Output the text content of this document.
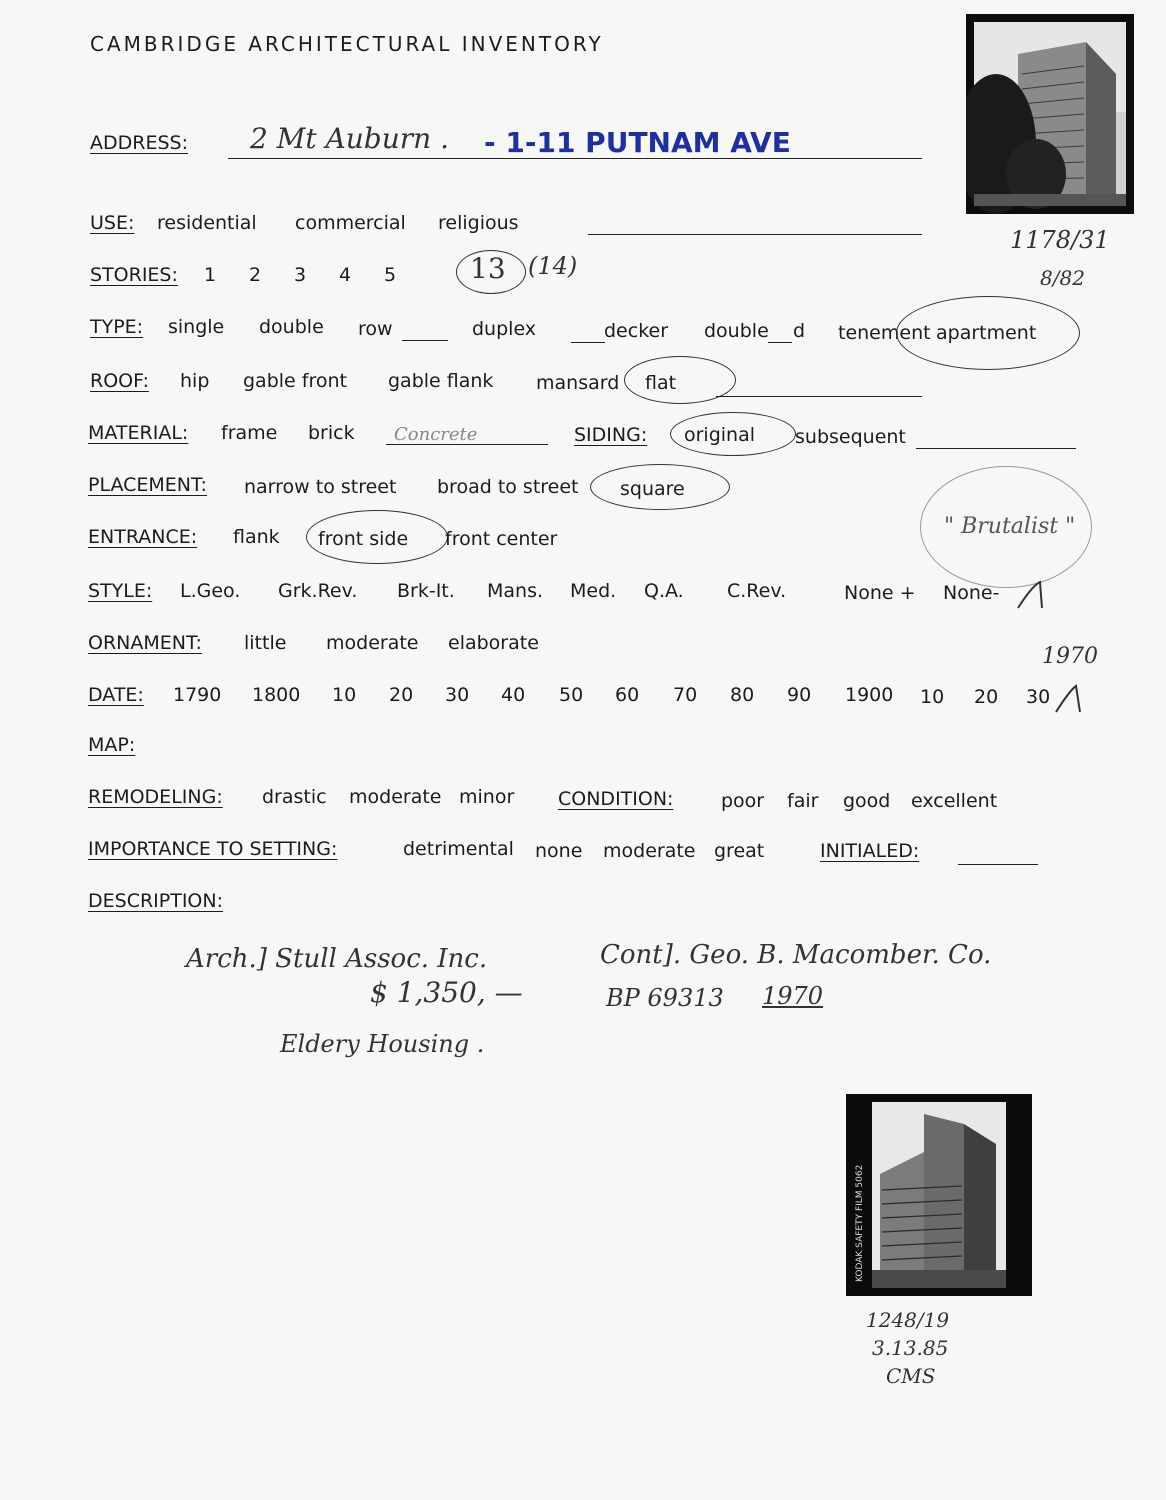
CAMBRIDGE ARCHITECTURAL INVENTORY
1178/31
8/82
ADDRESS: 2 Mt Auburn . - 1-11 PUTNAM AVE
USE: residential commercial religious
STORIES: 1 2 3 4 5	13 (14)
TYPE: single double row	duplex	decker double d tenement apartment
ROOF: hip gable front gable flank mansard flat
MATERIAL: frame brick Concrete	SIDING: original subsequent
PLACEMENT: narrow to street broad to street square
ENTRANCE: flank front side front center	" Brutalist "
STYLE: L.Geo. Grk.Rev. Brk-It. Mans. Med. Q.A. C.Rev.	None + None-
ORNAMENT: little moderate elaborate
1970
DATE: 1790 1800 10 20 30 40 50 60 70 80 90 1900 10 20 30
MAP:
REMODELING: drastic moderate minor CONDITION:	poor fair good excellent
IMPORTANCE TO SETTING:	detrimental none moderate great	INITIALED:
DESCRIPTION:
Arch.] Stull Assoc. Inc.	Cont]. Geo. B. Macomber. Co.
$ 1,350, —	BP 69313 1970
Eldery Housing .
KODAK SAFETY FILM 5062
1248/19
3.13.85
CMS
